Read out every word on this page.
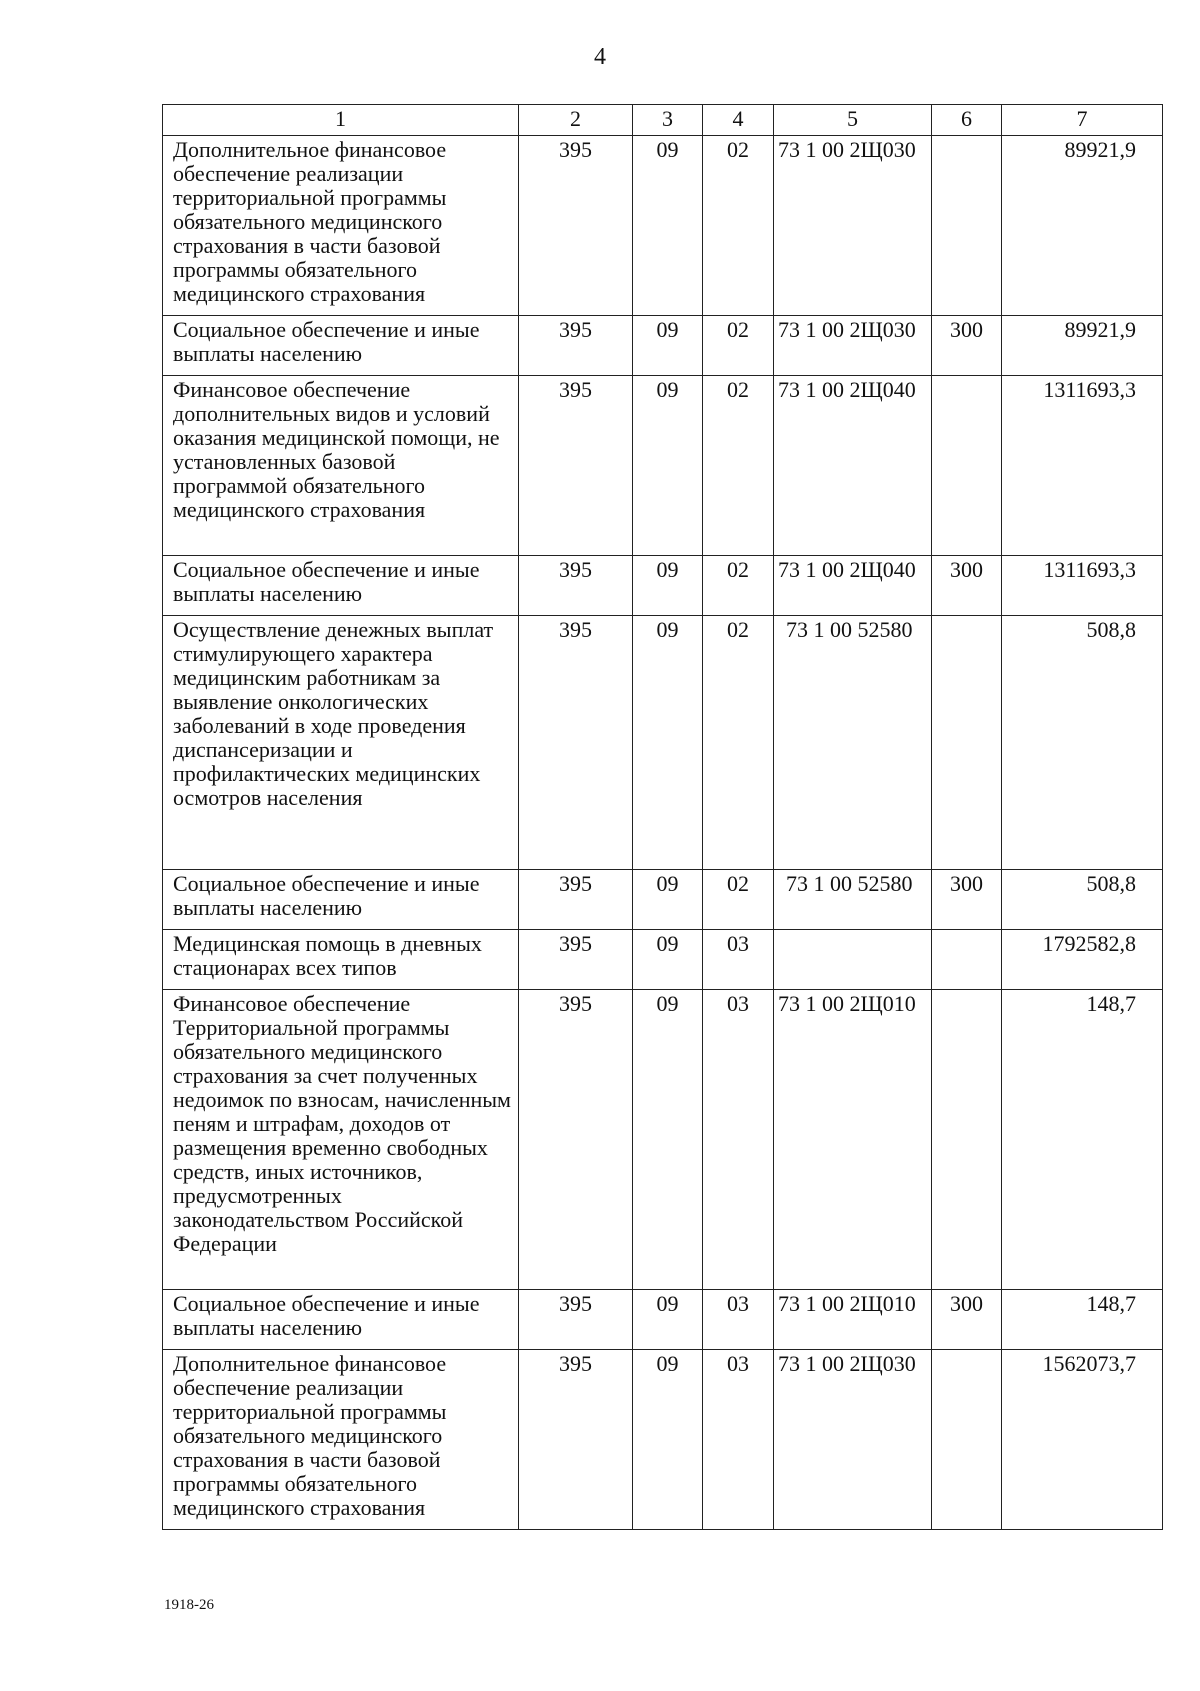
4
1	2	3	4	5	6	7
Дополнительное финансовое обеспечение реализации территориальной программы обязательного медицинского страхования в части базовой программы обязательного медицинского страхования	395	09	02	73 1 00 2Щ030		89921,9
Социальное обеспечение и иные выплаты населению	395	09	02	73 1 00 2Щ030	300	89921,9
Финансовое обеспечение дополнительных видов и условий оказания медицинской помощи, не установленных базовой программой обязательного медицинского страхования	395	09	02	73 1 00 2Щ040		1311693,3
Социальное обеспечение и иные выплаты населению	395	09	02	73 1 00 2Щ040	300	1311693,3
Осуществление денежных выплат стимулирующего характера медицинским работникам за выявление онкологических заболеваний в ходе проведения диспансеризации и профилактических медицинских осмотров населения	395	09	02	73 1 00 52580		508,8
Социальное обеспечение и иные выплаты населению	395	09	02	73 1 00 52580	300	508,8
Медицинская помощь в дневных стационарах всех типов	395	09	03			1792582,8
Финансовое обеспечение Территориальной программы обязательного медицинского страхования за счет полученных недоимок по взносам, начисленным пеням и штрафам, доходов от размещения временно свободных средств, иных источников, предусмотренных законодательством Российской Федерации	395	09	03	73 1 00 2Щ010		148,7
Социальное обеспечение и иные выплаты населению	395	09	03	73 1 00 2Щ010	300	148,7
Дополнительное финансовое обеспечение реализации территориальной программы обязательного медицинского страхования в части базовой программы обязательного медицинского страхования	395	09	03	73 1 00 2Щ030		1562073,7
1918-26
